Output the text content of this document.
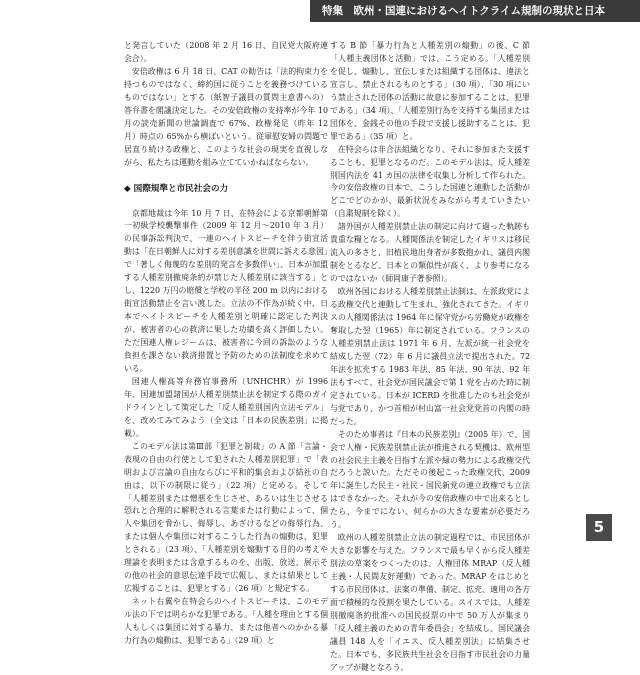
特集　欧州・国連におけるヘイトクライム規制の現状と日本

と発言していた（2008 年 2 月 16 日、自民党大阪府連会合）。

安倍政権は 6 月 18 日、CAT の勧告は「法的拘束力を持つものではなく、締約国に従うことを義務づけているものではない」とする（紙智子議員の質問主意書への）答弁書を閣議決定した。その安倍政権の支持率が今年 10 月の読売新聞の世論調査で 67%、政権発足（昨年 12 月）時点の 65%から横ばいという。従軍慰安婦の問題で居直り続ける政権と、このような社会の現実を直視しながら、私たちは運動を組み立てていかねばならない。

◆ 国際規準と市民社会の力

京都地裁は今年 10 月 7 日、在特会による京都朝鮮第一初級学校襲撃事件（2009 年 12 月～2010 年 3 月）の民事訴訟判決で、一連のヘイトスピーチを伴う街宣活動は「在日朝鮮人に対する差別意識を世間に訴える意図」で「著しく侮蔑的な差別的発言を多数伴い」、日本が加盟する人種差別撤廃条約が禁じた人種差別に該当する」とし、1220 万円の賠償と学校の半径 200 m 以内における街宣活動禁止を言い渡した。立法の不作為が続く中、日本でヘイトスピーチを人種差別と明確に認定した判決が、被害者の心の救済に果した功績を高く評価したい。ただ国連人権レジームは、被害者に今回の訴訟のような負担を課さない救済措置と予防のための法制度を求めている。

国連人権高等弁務官事務所（UNHCHR）が 1996 年、国連加盟諸国が人種差別禁止法を制定する際のガイドラインとして策定した「反人種差別国内立法モデル」を、改めてみてみよう（全文は「日本の民族差別」に掲載）。

このモデル法は第Ⅲ部「犯罪と制裁」の A 節「言論・表現の自由の行使として犯された人種差別犯罪」で「表明および言論の自由ならびに平和的集会および結社の自由は、以下の制限に従う」（22 項）と定める。そして「人種差別または憎悪を生じさせ、あるいは生じさせる恐れと合理的に解釈される言葉または行動によって、個人や集団を脅かし、侮辱し、あざけるなどの侮辱行為、または個人や集団に対するこうした行為の煽動は、犯罪とされる」（23 項）、「人種差別を煽動する目的の考えや理論を表明または含意するものを、出版、放送、展示その他の社会的意思伝達手段で広報し、または結果として広報することは、犯罪とする」（26 項）と規定する。

ネット右翼や在特会らのヘイトスピーチは、このモデル法の下では明らかな犯罪である。「人種を理由とする個人もしくは集団に対する暴力、または他者へのかかる暴力行為の煽動は、犯罪である」（29 項）と

する B 節「暴力行為と人種差別の煽動」の後、C 節「人種主義団体と活動」では、こう定める。「人種差別を促し、煽動し、宣伝しまたは組織する団体は、違法と宣言し、禁止されるものとする」（30 項）、「30 項にいう禁止された団体の活動に故意に参加することは、犯罪である」（34 項）、「人種差別行為を支持する集団または団体を、金銭その他の手段で支援し援助することは、犯罪である」（35 項）と。

在特会らは非合法組織となり、それに参加また支援することも、犯罪となるのだ。このモデル法は、反人種差別国内法を 41 カ国の法律を収集し分析して作られた。今の安倍政権の日本で、こうした国連と連動した活動がどこでどのかが、最新状況をみながら考えていきたい（自粛規制を除く）。

諸外国が人種差別禁止法の制定に向けて過った軌跡も貴重な糧となる。人種関係法を制定したイギリスは移民流入の多さと、旧植民地出身者が多数抱かれ、議員内閣制をとるなど、日本との類似性が高く、より参考になるのではないか（師岡康子著参照）。

欧州各国における人種差別禁止法制は、左派政党による政権交代と連動して生まれ、強化されてきた。イギリスの人種関係法は 1964 年に保守党から労働党が政権を奪取した翌（1965）年に制定されている。フランスの人種差別禁止法は 1971 年 6 月、左派が統一社会党を結成した翌（72）年 6 月に議員立法で提出された。72 年法を拡充する 1983 年法、85 年法、90 年法、92 年法もすべて、社会党が国民議会で第 1 党を占めた時に制定されている。日本が ICERD を批准したのも社会党が与党であり、かつ首相が村山富一社会党党首の内閣の時だった。

そのため事者は『日本の民族差別』（2005 年）で、国会で人権・民族差別禁止法が推進される契機は、欧州型の社会民主主義を目指す左派や緑の勢力による政権交代だろうと説いた。ただその後起こった政権交代、2009 年に誕生した民主・社民・国民新党の連立政権でも立法はできなかった。それが今の安倍政権の中で出来るとしたら、今までにない、何らかの大きな要素が必要だろう。

欧州の人種差別禁止立法の制定過程では、市民団体が大きな影響を与えた。フランスで最も早くから反人種差別法の草案をつくったのは、人権団体 MRAP（反人種主義・人民間友好運動）であった。MRAP をはじめとする市民団体は、法案の準備、制定、拡充、適用の各方面で積極的な役割を果たしている。スイスでは、人種差別撤廃条約批准への国民投票の中で 50 万人が集まり「反人種主義のための青年委員会」を結成し、国民議会議員 148 人を「イエス、反人種差別法」に結集させた。日本でも、多民族共生社会を目指す市民社会の力量アップが鍵となろう。

5
